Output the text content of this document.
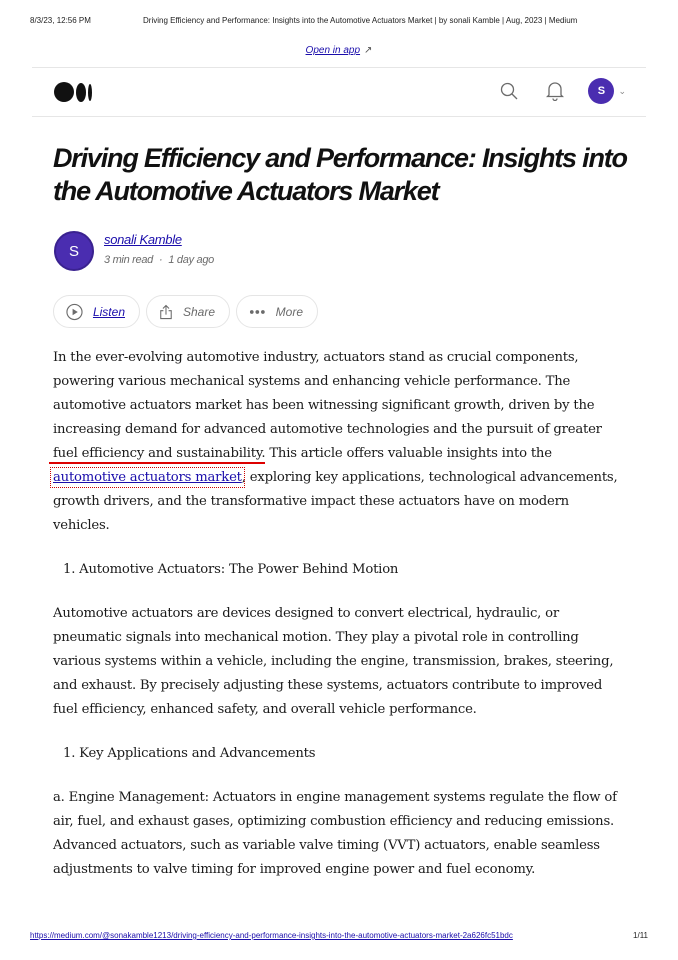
8/3/23, 12:56 PM	Driving Efficiency and Performance: Insights into the Automotive Actuators Market | by sonali Kamble | Aug, 2023 | Medium
Open in app ↗
S	⌄
Driving Efficiency and Performance: Insights into the Automotive Actuators Market
S
sonali Kamble
3 min read · 1 day ago
Listen	Share	More

In the ever-evolving automotive industry, actuators stand as crucial components, powering various mechanical systems and enhancing vehicle performance. The automotive actuators market has been witnessing significant growth, driven by the increasing demand for advanced automotive technologies and the pursuit of greater fuel efficiency and sustainability. This article offers valuable insights into the automotive actuators market, exploring key applications, technological advancements, growth drivers, and the transformative impact these actuators have on modern vehicles.

1. Automotive Actuators: The Power Behind Motion

Automotive actuators are devices designed to convert electrical, hydraulic, or pneumatic signals into mechanical motion. They play a pivotal role in controlling various systems within a vehicle, including the engine, transmission, brakes, steering, and exhaust. By precisely adjusting these systems, actuators contribute to improved fuel efficiency, enhanced safety, and overall vehicle performance.

1. Key Applications and Advancements

a. Engine Management: Actuators in engine management systems regulate the flow of air, fuel, and exhaust gases, optimizing combustion efficiency and reducing emissions. Advanced actuators, such as variable valve timing (VVT) actuators, enable seamless adjustments to valve timing for improved engine power and fuel economy.

https://medium.com/@sonakamble1213/driving-efficiency-and-performance-insights-into-the-automotive-actuators-market-2a626fc51bdc	1/11
